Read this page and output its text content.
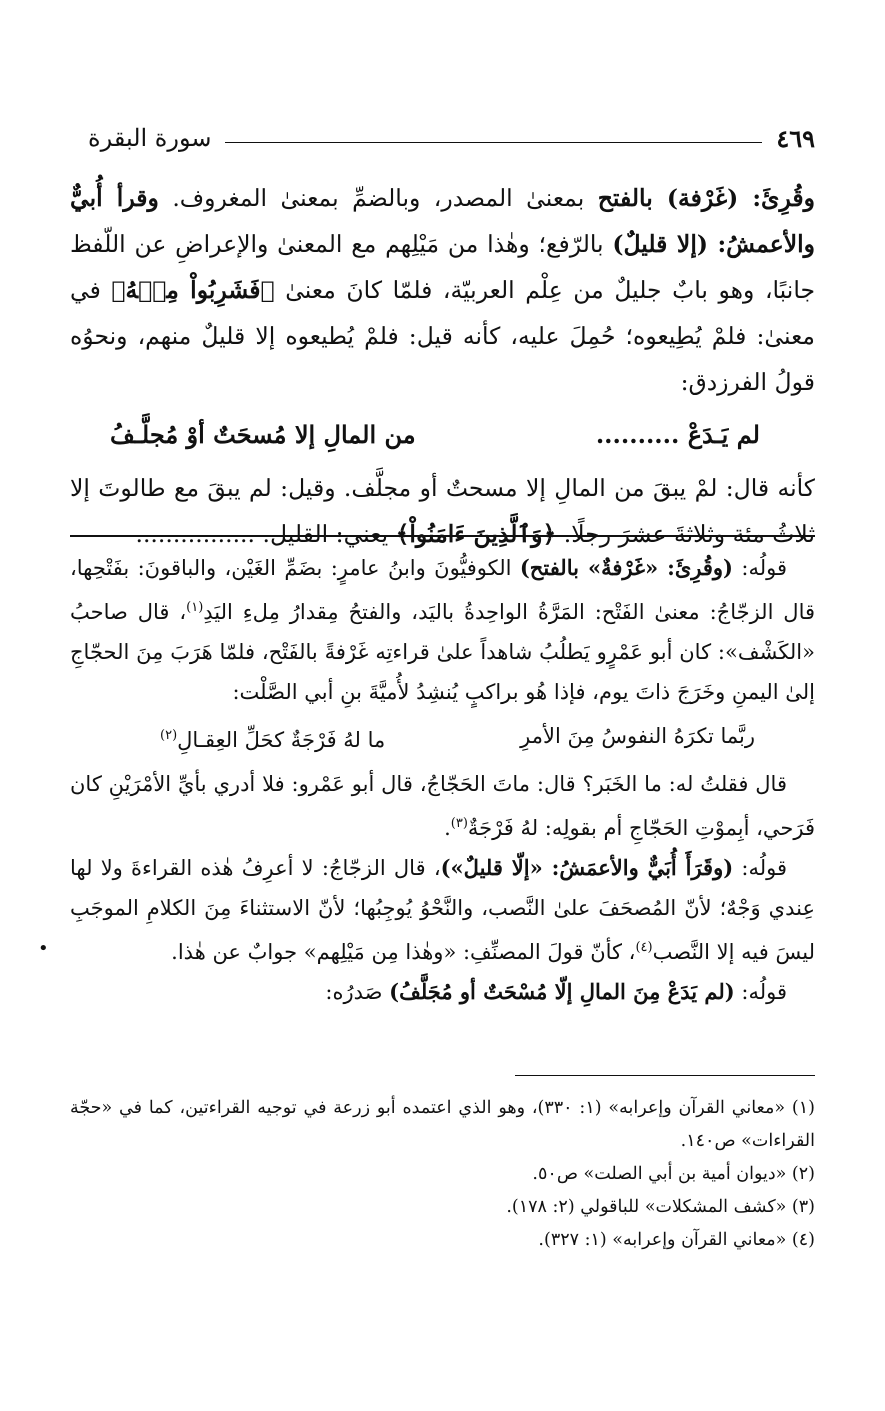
سورة البقرة	٤٦٩

وقُرِئَ: (غَرْفة) بالفتح بمعنىٰ المصدر، وبالضمِّ بمعنىٰ المغروف. وقرأ أُبيٌّ والأعمشُ: (إلا قليلٌ) بالرّفع؛ وهٰذا من مَيْلِهم مع المعنىٰ والإعراضِ عن اللّفظ جانبًا، وهو بابٌ جليلٌ من عِلْم العربيّة، فلمّا كانَ معنىٰ ﴿فَشَرِبُواْ مِنۡهُ﴾ في معنىٰ: فلمْ يُطِيعوه؛ حُمِلَ عليه، كأنه قيل: فلمْ يُطيعوه إلا قليلٌ منهم، ونحوُه قولُ الفرزدق:

لم يَـدَعْ ..........
من المالِ إلا مُسحَتٌ أوْ مُجلَّـفُ

كأنه قال: لمْ يبقَ من المالِ إلا مسحتٌ أو مجلَّف. وقيل: لم يبقَ مع طالوتَ إلا ثلاثُ مئة وثلاثةَ عشرَ رجلًا. ﴿وَٱلَّذِينَ ءَامَنُواْ﴾ يعني: القليل. ................

قولُه: (وقُرِئَ: «غَرْفةٌ» بالفتح) الكوفيُّونَ وابنُ عامرٍ: بضَمِّ الغَيْن، والباقونَ: بفَتْحِها، قال الزجّاجُ: معنىٰ الفَتْح: المَرَّةُ الواحِدةُ باليَد، والفتحُ مِقدارُ مِلءِ اليَدِ$^{(١)}$، قال صاحبُ «الكَشْف»: كان أبو عَمْرٍو يَطلُبُ شاهداً علىٰ قراءتِه غَرْفةً بالفَتْح، فلمّا هَرَبَ مِنَ الحجّاجِ إلىٰ اليمنِ وخَرَجَ ذاتَ يوم، فإذا هُو براكبٍ يُنشِدُ لأُميَّةَ بنِ أبي الصَّلْت:

ربَّما تكرَهُ النفوسُ مِنَ الأمرِ
ما لهُ فَرْجَةٌ كحَلِّ العِقـالِ$^{(٢)}$

قال فقلتُ له: ما الخَبَر؟ قال: ماتَ الحَجّاجُ، قال أبو عَمْرو: فلا أدري بأيِّ الأمْرَيْنِ كان فَرَحي، أبِموْتِ الحَجّاجِ أم بقولِه: لهُ فَرْجَةٌ$^{(٣)}$.

قولُه: (وقَرَأَ أُبَيٌّ والأعمَشُ: «إلّا قليلٌ»)، قال الزجّاجُ: لا أعرِفُ هٰذه القراءةَ ولا لها عِندي وَجْهٌ؛ لأنّ المُصحَفَ علىٰ النَّصب، والنَّحْوُ يُوجِبُها؛ لأنّ الاستثناءَ مِنَ الكلامِ الموجَبِ ليسَ فيه إلا النَّصب$^{(٤)}$، كأنّ قولَ المصنِّفِ: «وهٰذا مِن مَيْلِهم» جوابٌ عن هٰذا.

قولُه: (لم يَدَعْ مِنَ المالِ إلّا مُسْحَتٌ أو مُجَلَّفُ) صَدرُه:

•

(١) «معاني القرآن وإعرابه» (١: ٣٣٠)، وهو الذي اعتمده أبو زرعة في توجيه القراءتين، كما في «حجّة القراءات» ص١٤٠.

(٢) «ديوان أمية بن أبي الصلت» ص٥٠.

(٣) «كشف المشكلات» للباقولي (٢: ١٧٨).

(٤) «معاني القرآن وإعرابه» (١: ٣٢٧).
